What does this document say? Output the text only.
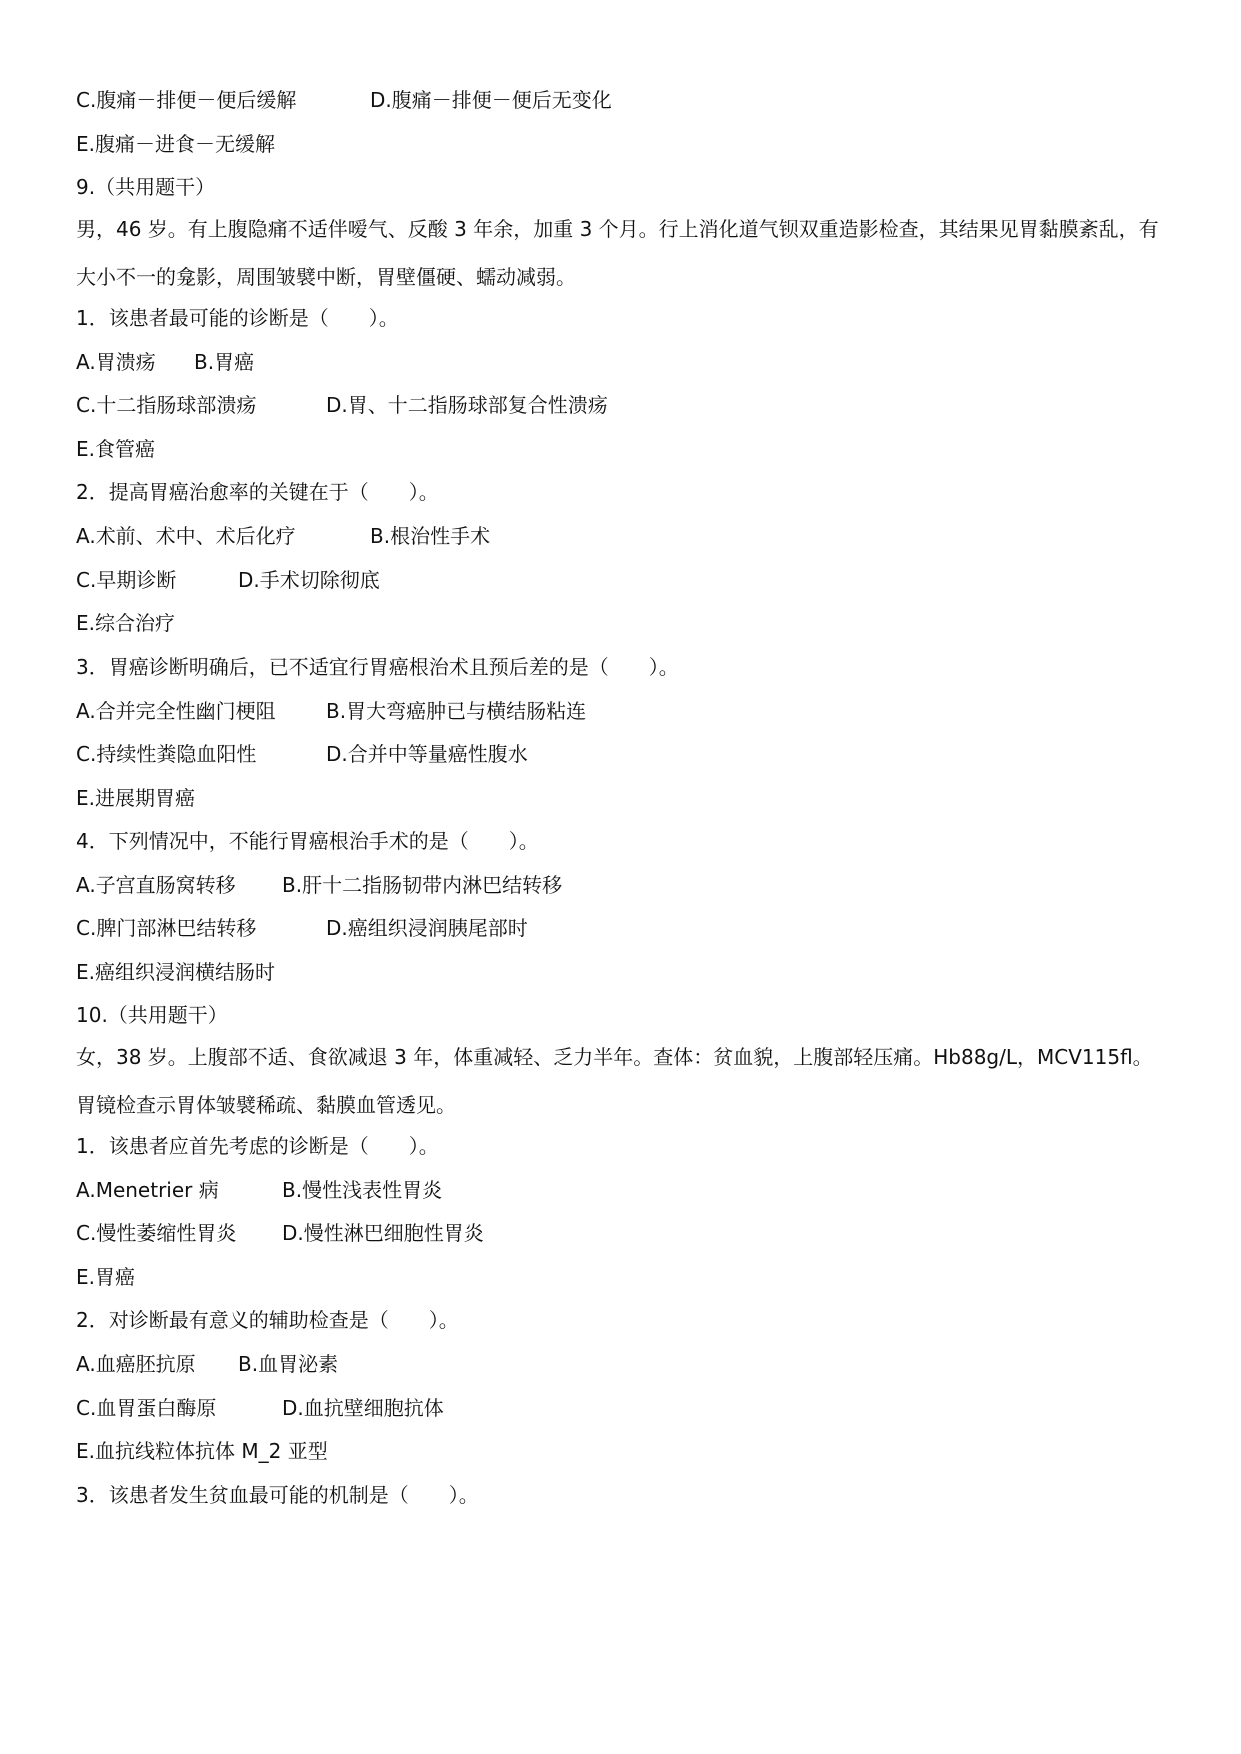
C.腹痛－排便－便后缓解	D.腹痛－排便－便后无变化
E.腹痛－进食－无缓解
9.（共用题干）
男，46 岁。有上腹隐痛不适伴嗳气、反酸 3 年余，加重 3 个月。行上消化道气钡双重造影检查，其结果见胃黏膜紊乱，有大小不一的龛影，周围皱襞中断，胃壁僵硬、蠕动减弱。
1．该患者最可能的诊断是（　　）。
A.胃溃疡 B.胃癌
C.十二指肠球部溃疡	D.胃、十二指肠球部复合性溃疡
E.食管癌
2．提高胃癌治愈率的关键在于（　　）。
A.术前、术中、术后化疗	B.根治性手术
C.早期诊断	D.手术切除彻底
E.综合治疗
3．胃癌诊断明确后，已不适宜行胃癌根治术且预后差的是（　　）。
A.合并完全性幽门梗阻	B.胃大弯癌肿已与横结肠粘连
C.持续性粪隐血阳性	D.合并中等量癌性腹水
E.进展期胃癌
4．下列情况中，不能行胃癌根治手术的是（　　）。
A.子宫直肠窝转移 B.肝十二指肠韧带内淋巴结转移
C.脾门部淋巴结转移	D.癌组织浸润胰尾部时
E.癌组织浸润横结肠时
10.（共用题干）
女，38 岁。上腹部不适、食欲减退 3 年，体重减轻、乏力半年。查体：贫血貌，上腹部轻压痛。Hb88g/L，MCV115fl。胃镜检查示胃体皱襞稀疏、黏膜血管透见。
1．该患者应首先考虑的诊断是（　　）。
A.Menetrier 病	B.慢性浅表性胃炎
C.慢性萎缩性胃炎 D.慢性淋巴细胞性胃炎
E.胃癌
2．对诊断最有意义的辅助检查是（　　）。
A.血癌胚抗原 B.血胃泌素
C.血胃蛋白酶原	D.血抗壁细胞抗体
E.血抗线粒体抗体 M_2 亚型
3．该患者发生贫血最可能的机制是（　　）。
